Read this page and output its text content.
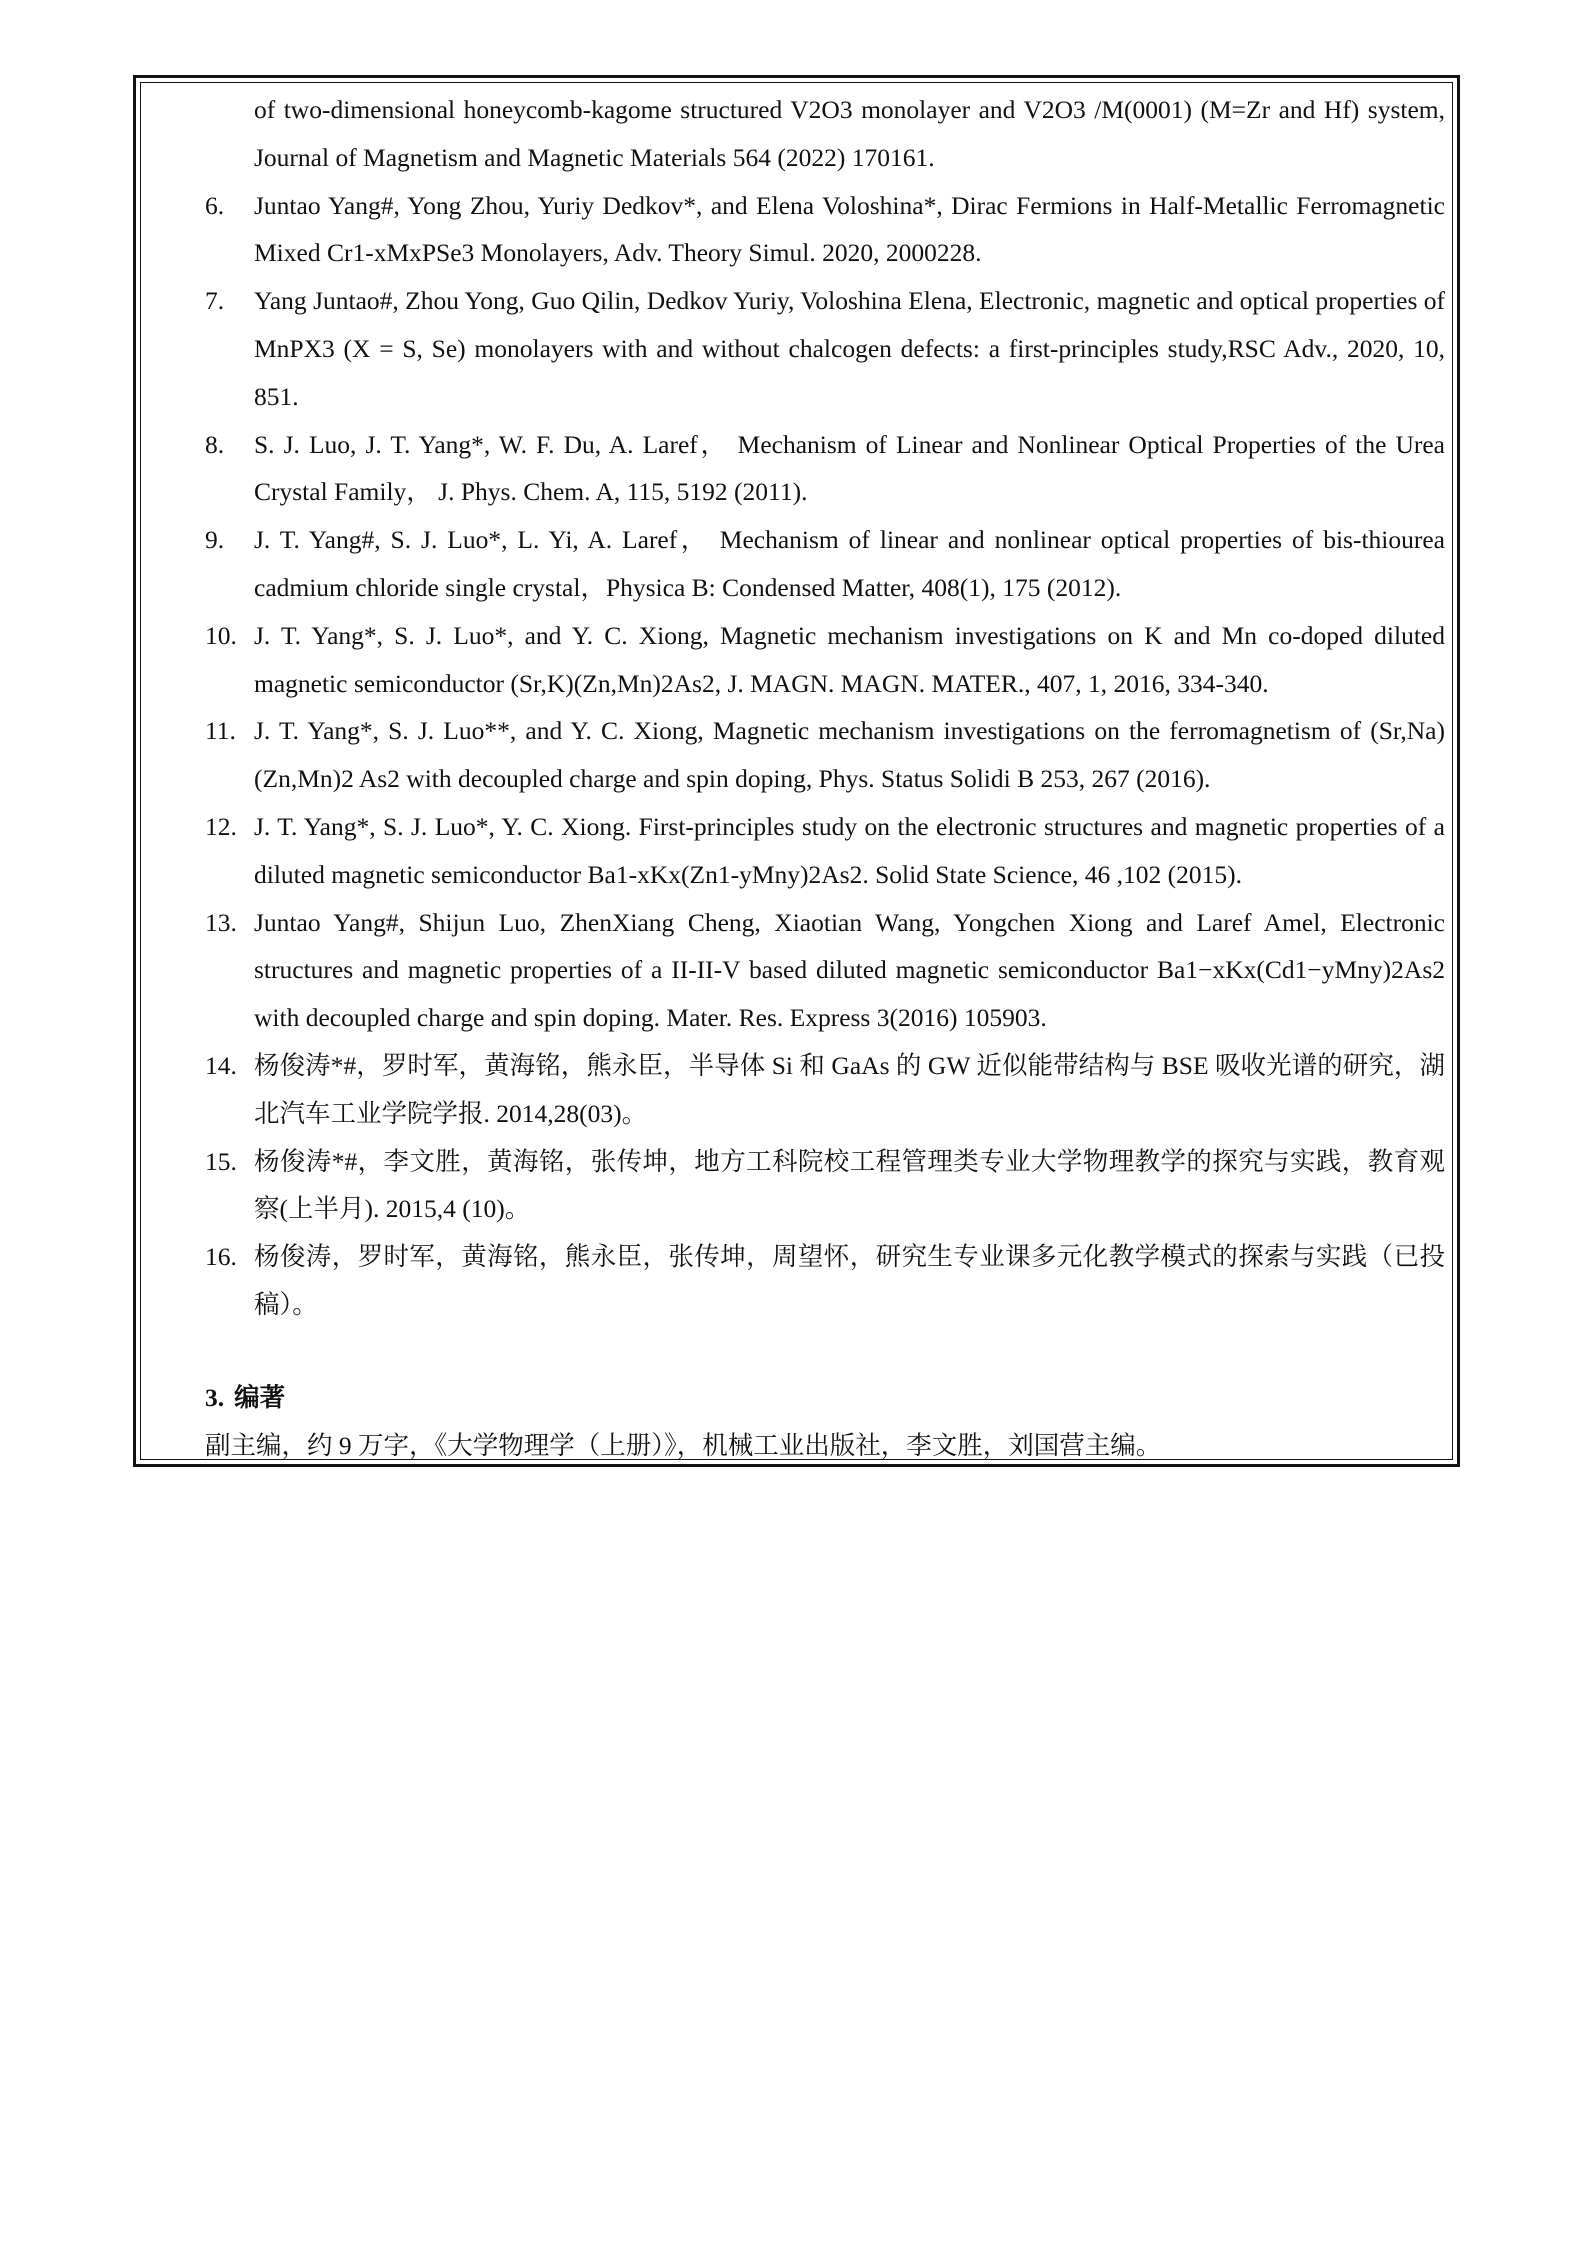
of two-dimensional honeycomb-kagome structured V2O3 monolayer and V2O3 /M(0001) (M=Zr and Hf) system, Journal of Magnetism and Magnetic Materials 564 (2022) 170161.
6.	Juntao Yang#, Yong Zhou, Yuriy Dedkov*, and Elena Voloshina*, Dirac Fermions in Half-Metallic Ferromagnetic Mixed Cr1-xMxPSe3 Monolayers, Adv. Theory Simul. 2020, 2000228.
7.	Yang Juntao#, Zhou Yong, Guo Qilin, Dedkov Yuriy, Voloshina Elena, Electronic, magnetic and optical properties of MnPX3 (X = S, Se) monolayers with and without chalcogen defects: a first-principles study,RSC Adv., 2020, 10, 851.
8.	S. J. Luo, J. T. Yang*, W. F. Du, A. Laref， Mechanism of Linear and Nonlinear Optical Properties of the Urea Crystal Family， J. Phys. Chem. A, 115, 5192 (2011).
9.	J. T. Yang#, S. J. Luo*, L. Yi, A. Laref， Mechanism of linear and nonlinear optical properties of bis-thiourea cadmium chloride single crystal，Physica B: Condensed Matter, 408(1), 175 (2012).
10. J. T. Yang*, S. J. Luo*, and Y. C. Xiong, Magnetic mechanism investigations on K and Mn co-doped diluted magnetic semiconductor (Sr,K)(Zn,Mn)2As2, J. MAGN. MAGN. MATER., 407, 1, 2016, 334-340.
11. J. T. Yang*, S. J. Luo**, and Y. C. Xiong, Magnetic mechanism investigations on the ferromagnetism of (Sr,Na)(Zn,Mn)2 As2 with decoupled charge and spin doping, Phys. Status Solidi B 253, 267 (2016).
12. J. T. Yang*, S. J. Luo*, Y. C. Xiong. First-principles study on the electronic structures and magnetic properties of a diluted magnetic semiconductor Ba1-xKx(Zn1-yMny)2As2. Solid State Science, 46 ,102 (2015).
13. Juntao Yang#, Shijun Luo, ZhenXiang Cheng, Xiaotian Wang, Yongchen Xiong and Laref Amel, Electronic structures and magnetic properties of a II-II-V based diluted magnetic semiconductor Ba1−xKx(Cd1−yMny)2As2 with decoupled charge and spin doping. Mater. Res. Express 3(2016) 105903.
14. 杨俊涛*#，罗时军，黄海铭，熊永臣，半导体 Si 和 GaAs 的 GW 近似能带结构与 BSE 吸收光谱的研究，湖北汽车工业学院学报. 2014,28(03)。
15. 杨俊涛*#，李文胜，黄海铭，张传坤，地方工科院校工程管理类专业大学物理教学的探究与实践，教育观察(上半月). 2015,4 (10)。
16. 杨俊涛，罗时军，黄海铭，熊永臣，张传坤，周望怀，研究生专业课多元化教学模式的探索与实践（已投稿）。
3. 编著
副主编，约 9 万字，《大学物理学（上册）》，机械工业出版社，李文胜，刘国营主编。
